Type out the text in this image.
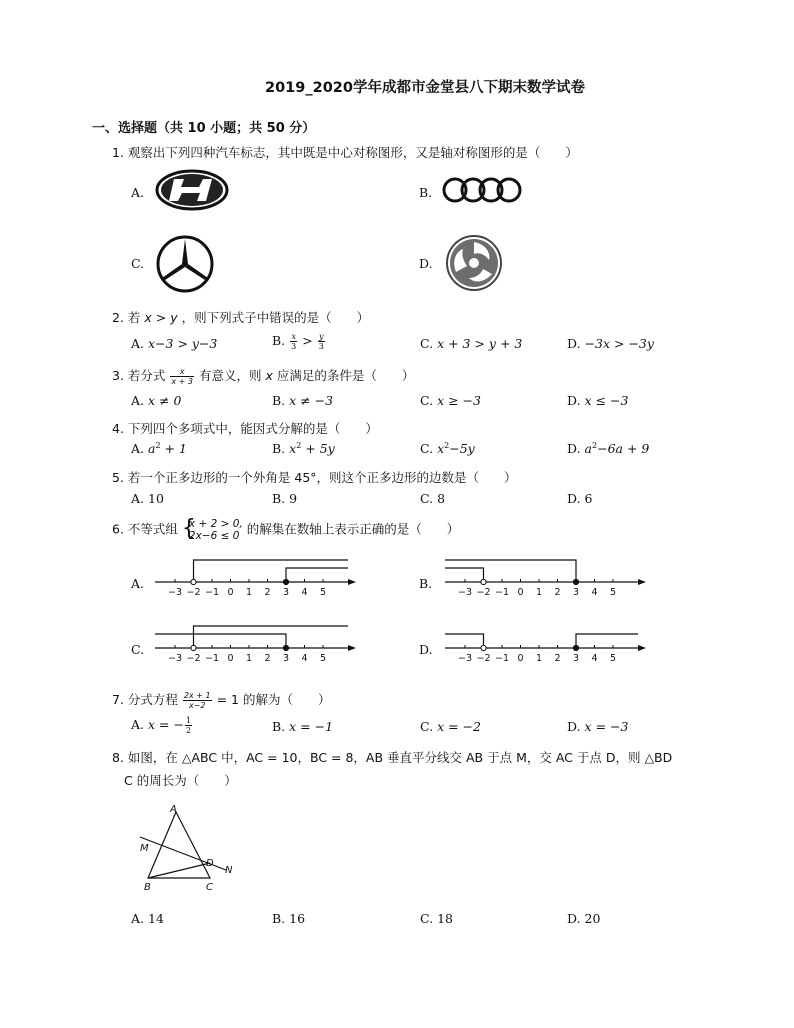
2019_2020学年成都市金堂县八下期末数学试卷
一、选择题（共 10 小题；共 50 分）
1. 观察出下列四种汽车标志，其中既是中心对称图形，又是轴对称图形的是（　　）
A.	B.
C.	D.
2. 若 x > y ，则下列式子中错误的是（　　）
A. x−3 > y−3	B. $\frac{x}{3} > \frac{y}{3}$	C. x + 3 > y + 3	D. −3x > −3y
3. 若分式 $\frac{x}{x + 3}$ 有意义，则 x 应满足的条件是（　　）
A. x ≠ 0	B. x ≠ −3	C. x ≥ −3	D. x ≤ −3
4. 下列四个多项式中，能因式分解的是（　　）
A. $a^2 + 1$	B. $x^2 + 5y$	C. $x^2-5y$	D. $a^2-6a + 9$
5. 若一个正多边形的一个外角是 45°，则这个正多边形的边数是（　　）
A. 10	B. 9	C. 8	D. 6
6. 不等式组 {
x + 2 > 0,
2x−6 ≤ 0 的解集在数轴上表示正确的是（　　）
A.
−3 −2 −1 0 1 2 3 4 5
B.
−3 −2 −1 0 1 2 3 4 5
C.
−3 −2 −1 0 1 2 3 4 5
D.
−3 −2 −1 0 1 2 3 4 5
7. 分式方程 $\frac{2x + 1}{x-2} = 1$ 的解为（　　）
A. x = − $\frac{1}{2}$	B. x = −1	C. x = −2	D. x = −3
8. 如图，在 △ABC 中，AC = 10，BC = 8，AB 垂直平分线交 AB 于点 M，交 AC 于点 D，则 △BD
C 的周长为（　　）
A
M
D
N
B	C
A. 14	B. 16	C. 18	D. 20
